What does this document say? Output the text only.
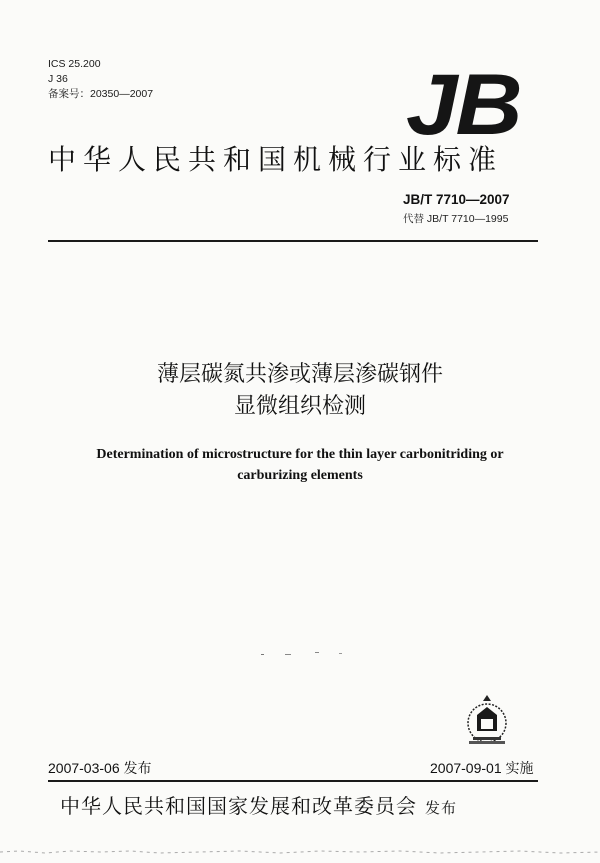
ICS 25.200
J 36
备案号：20350—2007	JB
中华人民共和国机械行业标准
JB/T 7710—2007
代替 JB/T 7710—1995
薄层碳氮共渗或薄层渗碳钢件
显微组织检测
Determination of microstructure for the thin layer carbonitriding or
carburizing elements
2007-03-06 发布	2007-09-01 实施
中华人民共和国国家发展和改革委员会 发布
